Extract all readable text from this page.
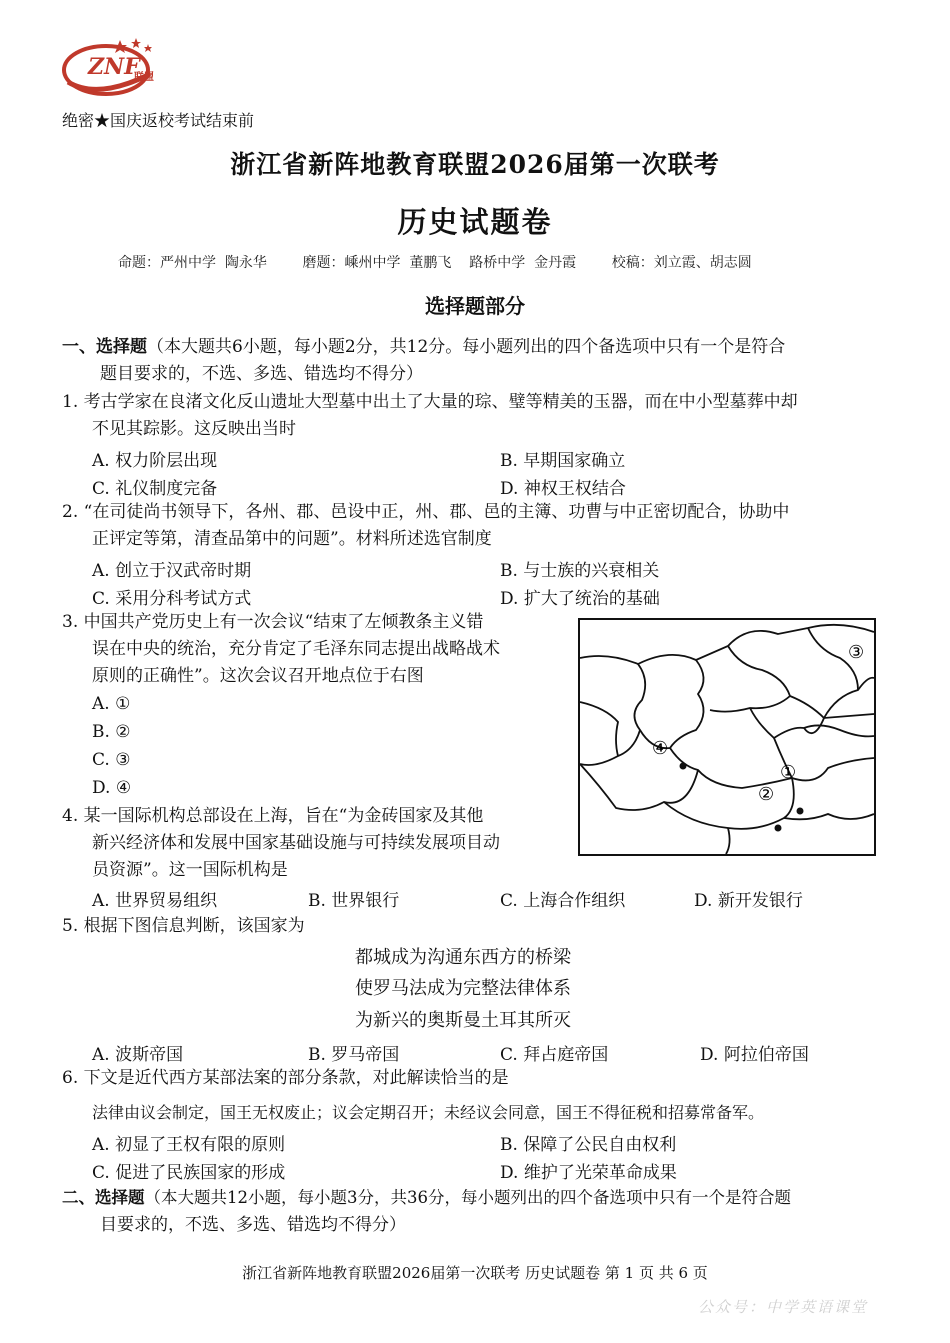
ZNF
联盟
绝密★国庆返校考试结束前
浙江省新阵地教育联盟2026届第一次联考
历史试题卷
命题：严州中学  陶永华        磨题：嵊州中学  董鹏飞    路桥中学  金丹霞        校稿：刘立霞、胡志圆
选择题部分
一、选择题（本大题共6小题，每小题2分，共12分。每小题列出的四个备选项中只有一个是符合
题目要求的，不选、多选、错选均不得分）
1. 考古学家在良渚文化反山遗址大型墓中出土了大量的琮、璧等精美的玉器，而在中小型墓葬中却
不见其踪影。这反映出当时
A. 权力阶层出现	B. 早期国家确立
C. 礼仪制度完备	D. 神权王权结合
2. “在司徒尚书领导下，各州、郡、邑设中正，州、郡、邑的主簿、功曹与中正密切配合，协助中
正评定等第，清查品第中的问题”。材料所述选官制度
A. 创立于汉武帝时期	B. 与士族的兴衰相关
C. 采用分科考试方式	D. 扩大了统治的基础
3. 中国共产党历史上有一次会议“结束了左倾教条主义错
误在中央的统治，充分肯定了毛泽东同志提出战略战术
原则的正确性”。这次会议召开地点位于右图
A. ①
B. ②
C. ③
D. ④
③
①
②
④
4. 某一国际机构总部设在上海，旨在“为金砖国家及其他
新兴经济体和发展中国家基础设施与可持续发展项目动
员资源”。这一国际机构是
A. 世界贸易组织	B. 世界银行	C. 上海合作组织	D. 新开发银行
5. 根据下图信息判断，该国家为
都城成为沟通东西方的桥梁
使罗马法成为完整法律体系
为新兴的奥斯曼土耳其所灭
A. 波斯帝国	B. 罗马帝国	C. 拜占庭帝国	D. 阿拉伯帝国
6. 下文是近代西方某部法案的部分条款，对此解读恰当的是
法律由议会制定，国王无权废止；议会定期召开；未经议会同意，国王不得征税和招募常备军。
A. 初显了王权有限的原则	B. 保障了公民自由权利
C. 促进了民族国家的形成	D. 维护了光荣革命成果
二、选择题（本大题共12小题，每小题3分，共36分，每小题列出的四个备选项中只有一个是符合题
目要求的，不选、多选、错选均不得分）
浙江省新阵地教育联盟2026届第一次联考 历史试题卷 第 1 页 共 6 页
公众号：中学英语课堂
